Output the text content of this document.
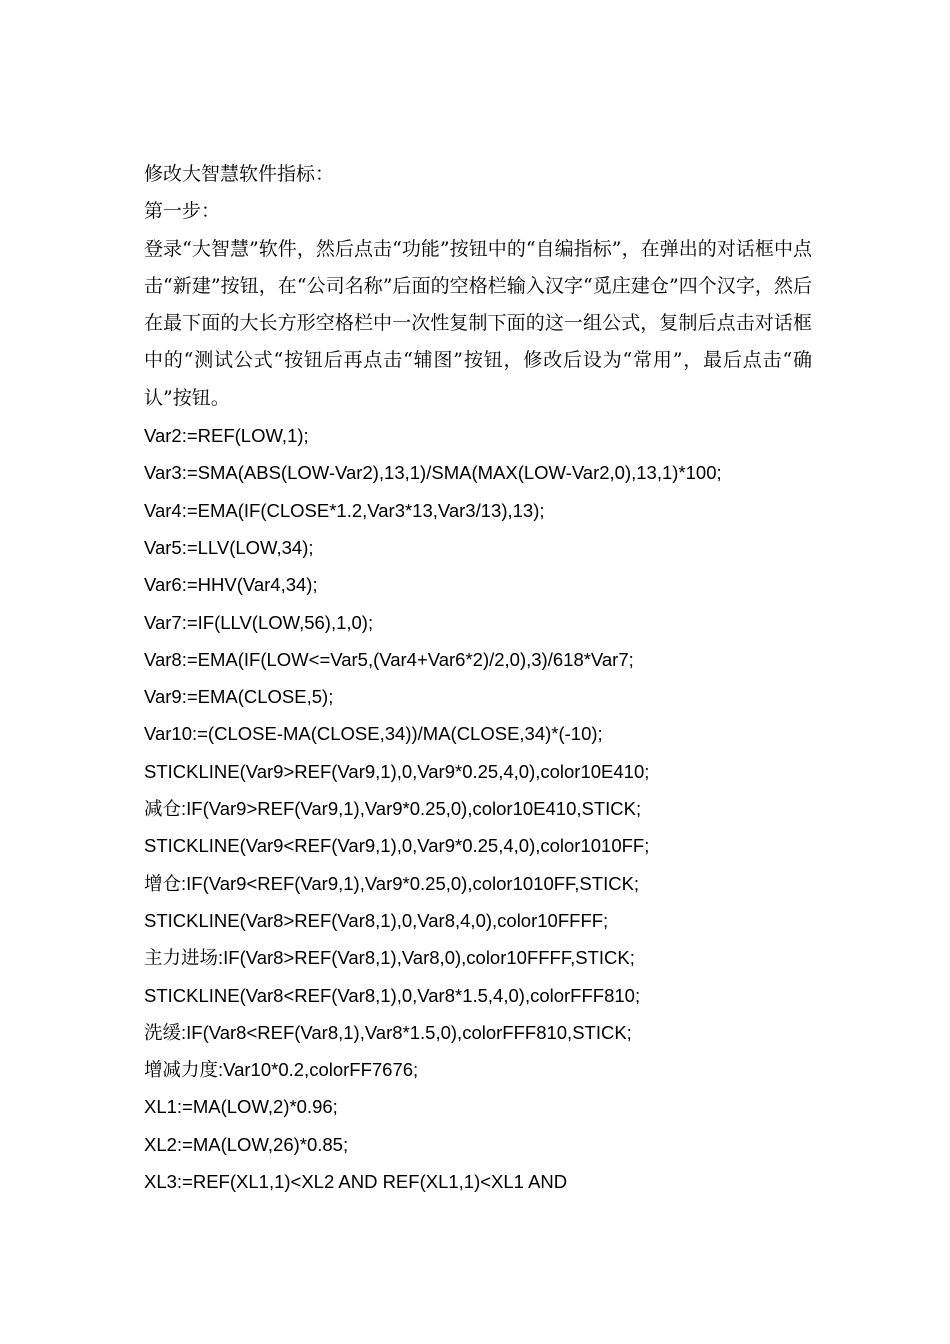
修改大智慧软件指标：

第一步：

登录“大智慧”软件，然后点击“功能”按钮中的“自编指标”，在弹出的对话框中点击“新建”按钮，在“公司名称”后面的空格栏输入汉字“觅庄建仓”四个汉字，然后在最下面的大长方形空格栏中一次性复制下面的这一组公式，复制后点击对话框中的“测试公式“按钮后再点击“辅图”按钮，修改后设为“常用”，最后点击“确认”按钮。

Var2:=REF(LOW,1);

Var3:=SMA(ABS(LOW-Var2),13,1)/SMA(MAX(LOW-Var2,0),13,1)*100;

Var4:=EMA(IF(CLOSE*1.2,Var3*13,Var3/13),13);

Var5:=LLV(LOW,34);

Var6:=HHV(Var4,34);

Var7:=IF(LLV(LOW,56),1,0);

Var8:=EMA(IF(LOW<=Var5,(Var4+Var6*2)/2,0),3)/618*Var7;

Var9:=EMA(CLOSE,5);

Var10:=(CLOSE-MA(CLOSE,34))/MA(CLOSE,34)*(-10);

STICKLINE(Var9>REF(Var9,1),0,Var9*0.25,4,0),color10E410;

减仓:IF(Var9>REF(Var9,1),Var9*0.25,0),color10E410,STICK;

STICKLINE(Var9<REF(Var9,1),0,Var9*0.25,4,0),color1010FF;

增仓:IF(Var9<REF(Var9,1),Var9*0.25,0),color1010FF,STICK;

STICKLINE(Var8>REF(Var8,1),0,Var8,4,0),color10FFFF;

主力进场:IF(Var8>REF(Var8,1),Var8,0),color10FFFF,STICK;

STICKLINE(Var8<REF(Var8,1),0,Var8*1.5,4,0),colorFFF810;

洗缓:IF(Var8<REF(Var8,1),Var8*1.5,0),colorFFF810,STICK;

增减力度:Var10*0.2,colorFF7676;

XL1:=MA(LOW,2)*0.96;

XL2:=MA(LOW,26)*0.85;

XL3:=REF(XL1,1)<XL2 AND REF(XL1,1)<XL1 AND
